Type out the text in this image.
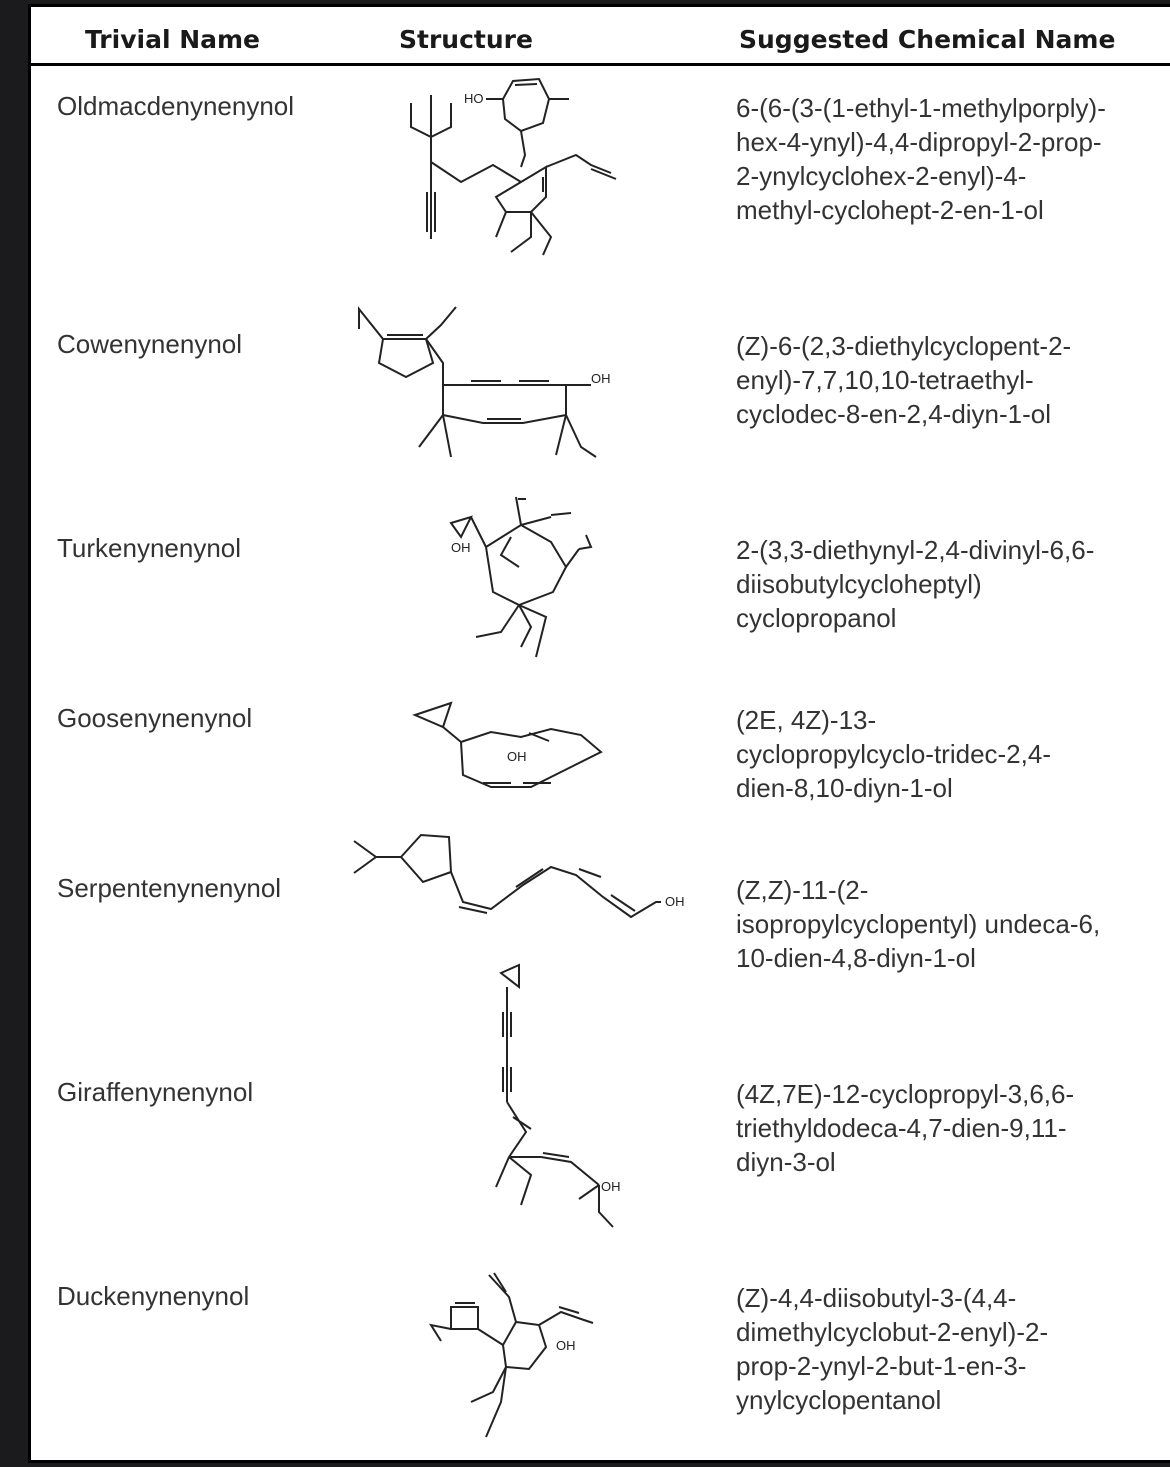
Trivial Name	Structure	Suggested Chemical Name
Oldmacdenynenynol
Cowenynenynol
Turkenynenynol
Goosenynenynol
Serpentenynenynol
Giraffenynenynol
Duckenynenynol
6-(6-(3-(1-ethyl-1-methylporply)-
hex-4-ynyl)-4,4-dipropyl-2-prop-
2-ynylcyclohex-2-enyl)-4-
methyl-cyclohept-2-en-1-ol
(Z)-6-(2,3-diethylcyclopent-2-
enyl)-7,7,10,10-tetraethyl-
cyclodec-8-en-2,4-diyn-1-ol
2-(3,3-diethynyl-2,4-divinyl-6,6-
diisobutylcycloheptyl)
cyclopropanol
(2E, 4Z)-13-
cyclopropylcyclo-tridec-2,4-
dien-8,10-diyn-1-ol
(Z,Z)-11-(2-
isopropylcyclopentyl) undeca-6,
10-dien-4,8-diyn-1-ol
(4Z,7E)-12-cyclopropyl-3,6,6-
triethyldodeca-4,7-dien-9,11-
diyn-3-ol
(Z)-4,4-diisobutyl-3-(4,4-
dimethylcyclobut-2-enyl)-2-
prop-2-ynyl-2-but-1-en-3-
ynylcyclopentanol
HO
OH
OH
OH
OH
OH
OH
